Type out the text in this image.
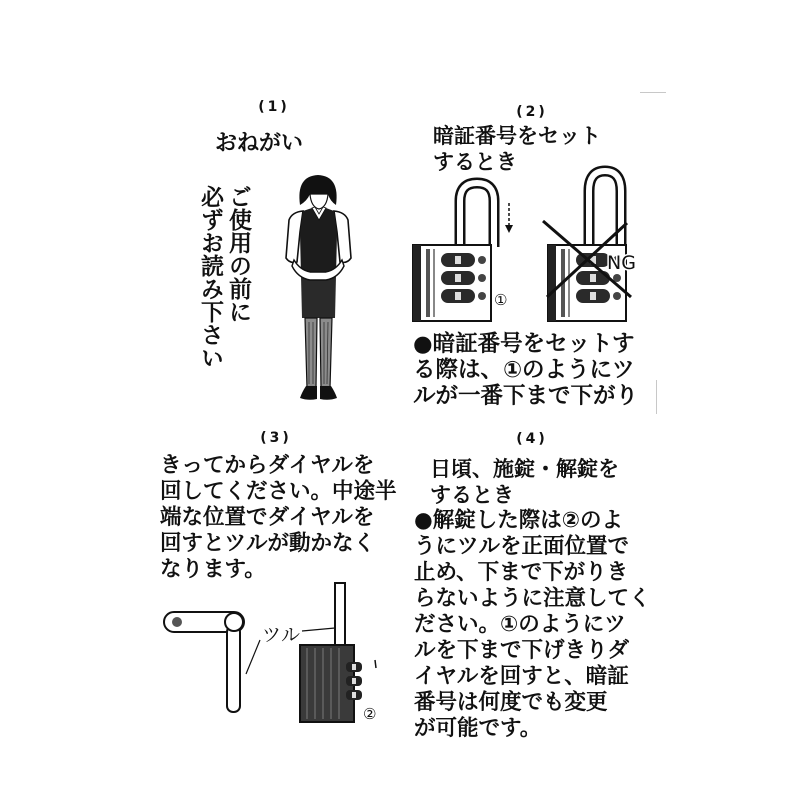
(1)
おねがい
ご使用の前に
必ずお読み下さい
(2)
暗証番号をセット
するとき
①
NG
●暗証番号をセットす
る際は、①のようにツ
ルが一番下まで下がり
(3)
きってからダイヤルを
回してください。中途半
端な位置でダイヤルを
回すとツルが動かなく
なります。
ツル
②
(4)
日頃、施錠・解錠を
するとき
●解錠した際は②のよ
うにツルを正面位置で
止め、下まで下がりき
らないように注意してく
ださい。①のようにツ
ルを下まで下げきりダ
イヤルを回すと、暗証
番号は何度でも変更
が可能です。
